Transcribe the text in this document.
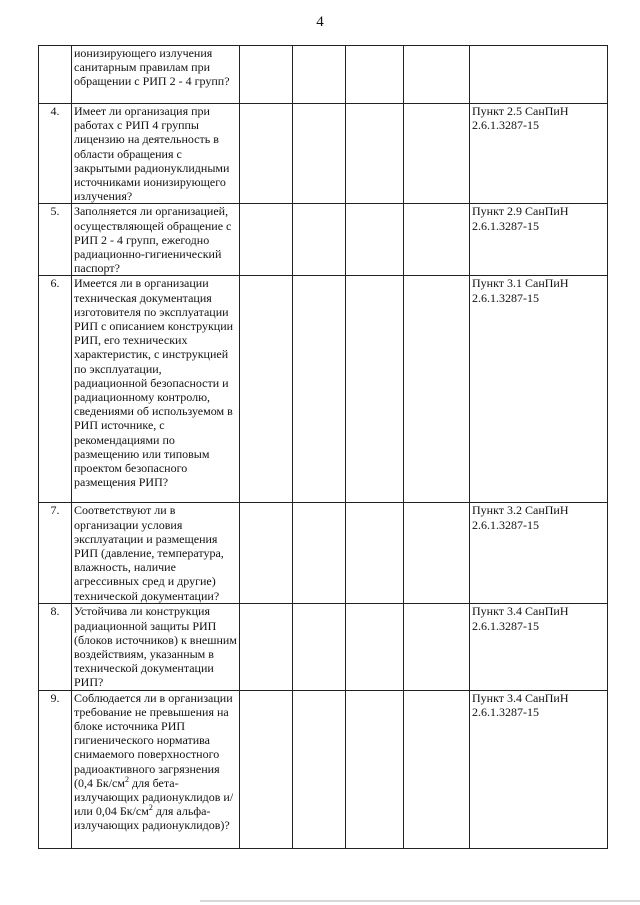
4
	ионизирующего излучения санитарным правилам при обращении с РИП 2 - 4 групп?					
4.	Имеет ли организация при работах с РИП 4 группы лицензию на деятельность в области обращения с закрытыми радионуклидными источниками ионизирующего излучения?					Пункт 2.5 СанПиН 2.6.1.3287-15
5.	Заполняется ли организацией, осуществляющей обращение с РИП 2 - 4 групп, ежегодно радиационно-гигиенический паспорт?					Пункт 2.9 СанПиН 2.6.1.3287-15
6.	Имеется ли в организации техническая документация изготовителя по эксплуатации РИП с описанием конструкции РИП, его технических характеристик, с инструкцией по эксплуатации, радиационной безопасности и радиационному контролю, сведениями об используемом в РИП источнике, с рекомендациями по размещению или типовым проектом безопасного размещения РИП?					Пункт 3.1 СанПиН 2.6.1.3287-15
7.	Соответствуют ли в организации условия эксплуатации и размещения РИП (давление, температура, влажность, наличие агрессивных сред и другие) технической документации?					Пункт 3.2 СанПиН 2.6.1.3287-15
8.	Устойчива ли конструкция радиационной защиты РИП (блоков источников) к внешним воздействиям, указанным в технической документации РИП?					Пункт 3.4 СанПиН 2.6.1.3287-15
9.	Соблюдается ли в организации требование не превышения на блоке источника РИП гигиенического норматива снимаемого поверхностного радиоактивного загрязнения (0,4 $Бк/см^2$ для бета-излучающих радионуклидов и/или 0,04 $Бк/см^2$ для альфа-излучающих радионуклидов)?					Пункт 3.4 СанПиН 2.6.1.3287-15
